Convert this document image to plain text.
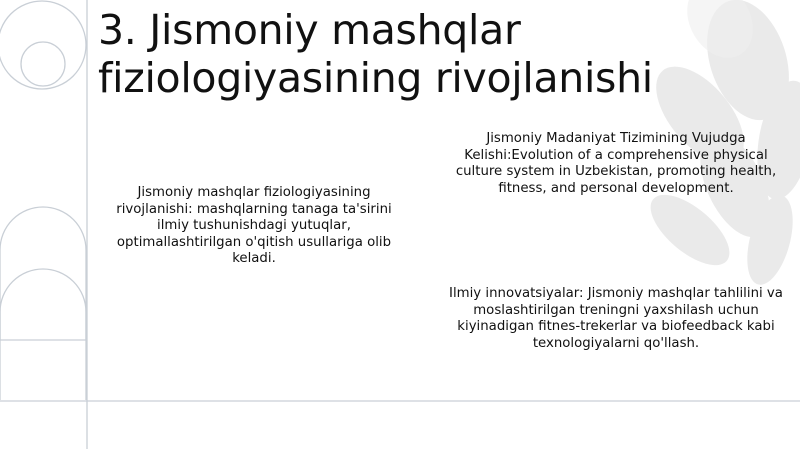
3. Jismoniy mashqlar fiziologiyasining rivojlanishi

Jismoniy mashqlar fiziologiyasining rivojlanishi: mashqlarning tanaga ta'sirini ilmiy tushunishdagi yutuqlar, optimallashtirilgan o'qitish usullariga olib keladi.

Jismoniy Madaniyat Tizimining Vujudga Kelishi:Evolution of a comprehensive physical culture system in Uzbekistan, promoting health, fitness, and personal development.

Ilmiy innovatsiyalar: Jismoniy mashqlar tahlilini va moslashtirilgan treningni yaxshilash uchun kiyinadigan fitnes-trekerlar va biofeedback kabi texnologiyalarni qo'llash.
